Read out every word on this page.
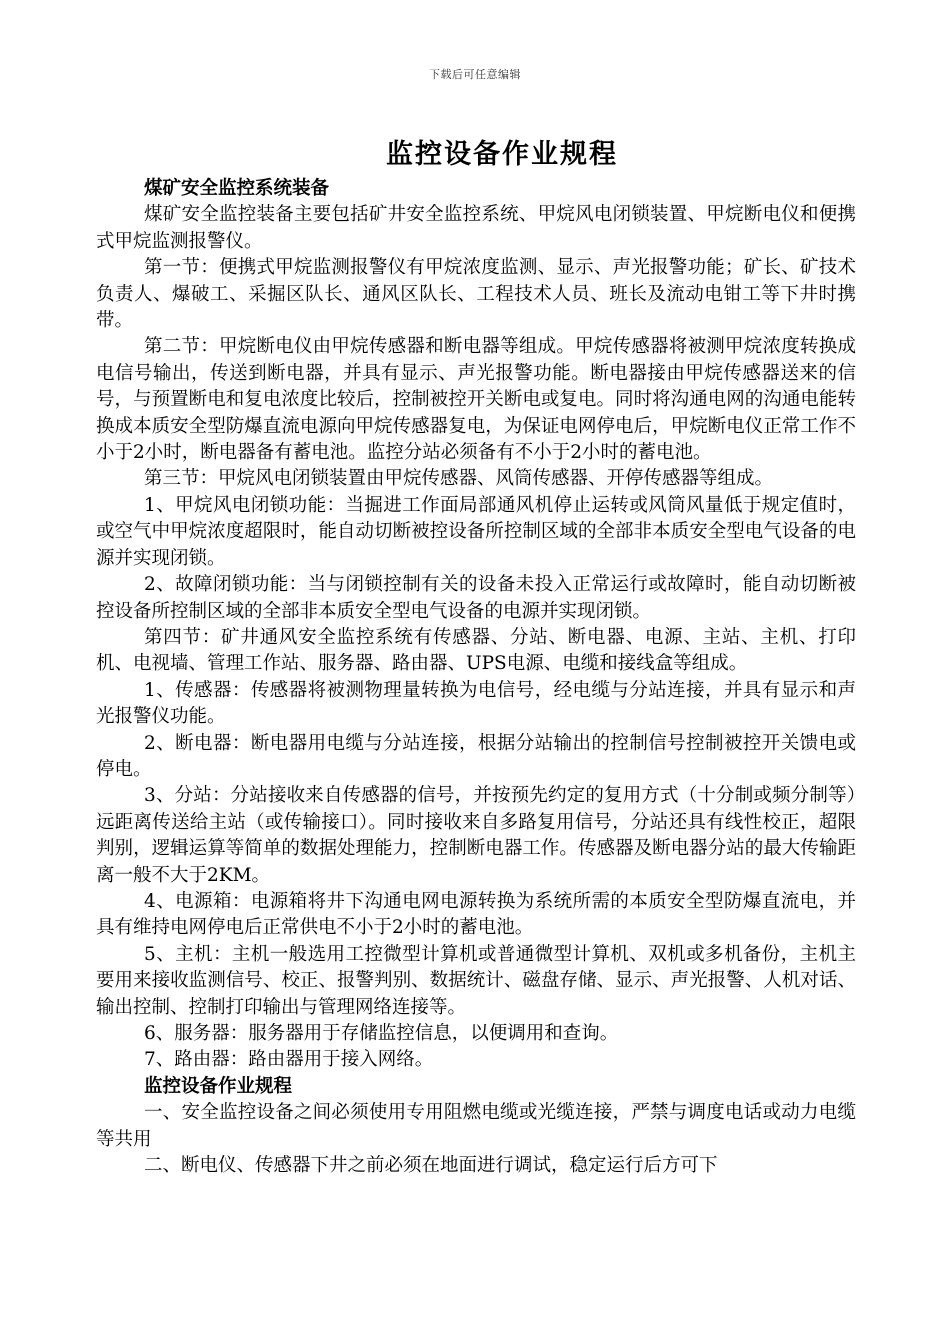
下载后可任意编辑
监控设备作业规程

煤矿安全监控系统装备

煤矿安全监控装备主要包括矿井安全监控系统、甲烷风电闭锁装置、甲烷断电仪和便携式甲烷监测报警仪。

第一节：便携式甲烷监测报警仪有甲烷浓度监测、显示、声光报警功能；矿长、矿技术负责人、爆破工、采掘区队长、通风区队长、工程技术人员、班长及流动电钳工等下井时携带。

第二节：甲烷断电仪由甲烷传感器和断电器等组成。甲烷传感器将被测甲烷浓度转换成电信号输出，传送到断电器，并具有显示、声光报警功能。断电器接由甲烷传感器送来的信号，与预置断电和复电浓度比较后，控制被控开关断电或复电。同时将沟通电网的沟通电能转换成本质安全型防爆直流电源向甲烷传感器复电，为保证电网停电后，甲烷断电仪正常工作不小于2小时，断电器备有蓄电池。监控分站必须备有不小于2小时的蓄电池。

第三节：甲烷风电闭锁装置由甲烷传感器、风筒传感器、开停传感器等组成。

1、甲烷风电闭锁功能：当掘进工作面局部通风机停止运转或风筒风量低于规定值时，或空气中甲烷浓度超限时，能自动切断被控设备所控制区域的全部非本质安全型电气设备的电源并实现闭锁。

2、故障闭锁功能：当与闭锁控制有关的设备未投入正常运行或故障时，能自动切断被控设备所控制区域的全部非本质安全型电气设备的电源并实现闭锁。

第四节：矿井通风安全监控系统有传感器、分站、断电器、电源、主站、主机、打印机、电视墙、管理工作站、服务器、路由器、UPS电源、电缆和接线盒等组成。

1、传感器：传感器将被测物理量转换为电信号，经电缆与分站连接，并具有显示和声光报警仪功能。

2、断电器：断电器用电缆与分站连接，根据分站输出的控制信号控制被控开关馈电或停电。

3、分站：分站接收来自传感器的信号，并按预先约定的复用方式（十分制或频分制等）远距离传送给主站（或传输接口）。同时接收来自多路复用信号，分站还具有线性校正，超限判别，逻辑运算等简单的数据处理能力，控制断电器工作。传感器及断电器分站的最大传输距离一般不大于2KM。

4、电源箱：电源箱将井下沟通电网电源转换为系统所需的本质安全型防爆直流电，并具有维持电网停电后正常供电不小于2小时的蓄电池。

5、主机：主机一般选用工控微型计算机或普通微型计算机、双机或多机备份，主机主要用来接收监测信号、校正、报警判别、数据统计、磁盘存储、显示、声光报警、人机对话、输出控制、控制打印输出与管理网络连接等。

6、服务器：服务器用于存储监控信息，以便调用和查询。

7、路由器：路由器用于接入网络。

监控设备作业规程

一、安全监控设备之间必须使用专用阻燃电缆或光缆连接，严禁与调度电话或动力电缆等共用

二、断电仪、传感器下井之前必须在地面进行调试，稳定运行后方可下
